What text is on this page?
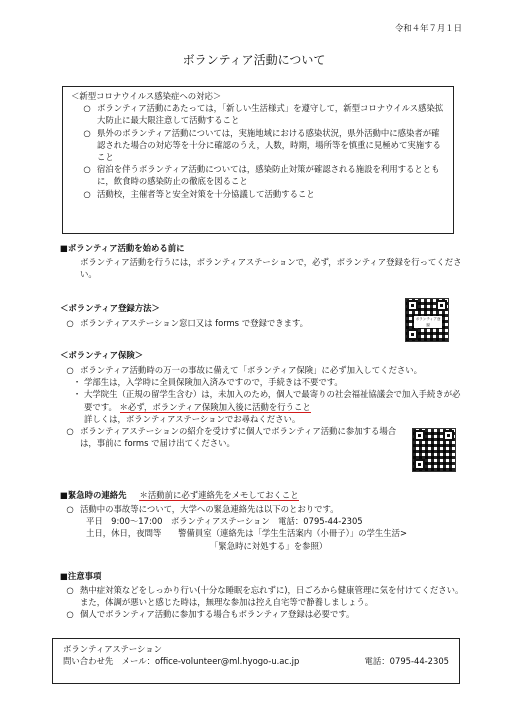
令和４年７月１日
ボランティア活動について
＜新型コロナウイルス感染症への対応＞
○ ボランティア活動にあたっては，「新しい生活様式」を遵守して，新型コロナウイルス感染拡大防止に最大限注意して活動すること
○ 県外のボランティア活動については，実施地域における感染状況，県外活動中に感染者が確認された場合の対応等を十分に確認のうえ，人数，時期，場所等を慎重に見極めて実施すること
○ 宿泊を伴うボランティア活動については，感染防止対策が確認される施設を利用するとともに，飲食時の感染防止の徹底を図ること
○ 活動校，主催者等と安全対策を十分協議して活動すること
■ボランティア活動を始める前に
ボランティア活動を行うには，ボランティアステーションで，必ず，ボランティア登録を行ってください。
＜ボランティア登録方法＞
○ ボランティアステーション窓口又は forms で登録できます。	ボランティア登録
＜ボランティア保険＞
○ ボランティア活動時の万一の事故に備えて「ボランティア保険」に必ず加入してください。
・ 学部生は，入学時に全員保険加入済みですので，手続きは不要です。
・ 大学院生（正規の留学生含む）は，未加入のため，個人で最寄りの社会福祉協議会で加入手続きが必要です。 ＊必ず，ボランティア保険加入後に活動を行うこと
詳しくは，ボランティアステーションでお尋ねください。
○ ボランティアステーションの紹介を受けずに個人でボランティア活動に参加する場合は，事前に forms で届け出てください。
■緊急時の連絡先 ＊活動前に必ず連絡先をメモしておくこと
○ 活動中の事故等について，大学への緊急連絡先は以下のとおりです。
平日　9:00～17:00　ボランティアステーション　電話：0795-44-2305
土日，休日，夜間等　　警備員室（連絡先は「学生生活案内（小冊子）」の学生生活>
「緊急時に対処する」を参照）
■注意事項
○ 熱中症対策などをしっかり行い(十分な睡眠を忘れずに)，日ごろから健康管理に気を付けてください。また，体調が悪いと感じた時は，無理な参加は控え自宅等で静養しましょう。
○ 個人でボランティア活動に参加する場合もボランティア登録は必要です。
ボランティアステーション
問い合わせ先　メール：office-volunteer@ml.hyogo-u.ac.jp	電話：0795-44-2305
